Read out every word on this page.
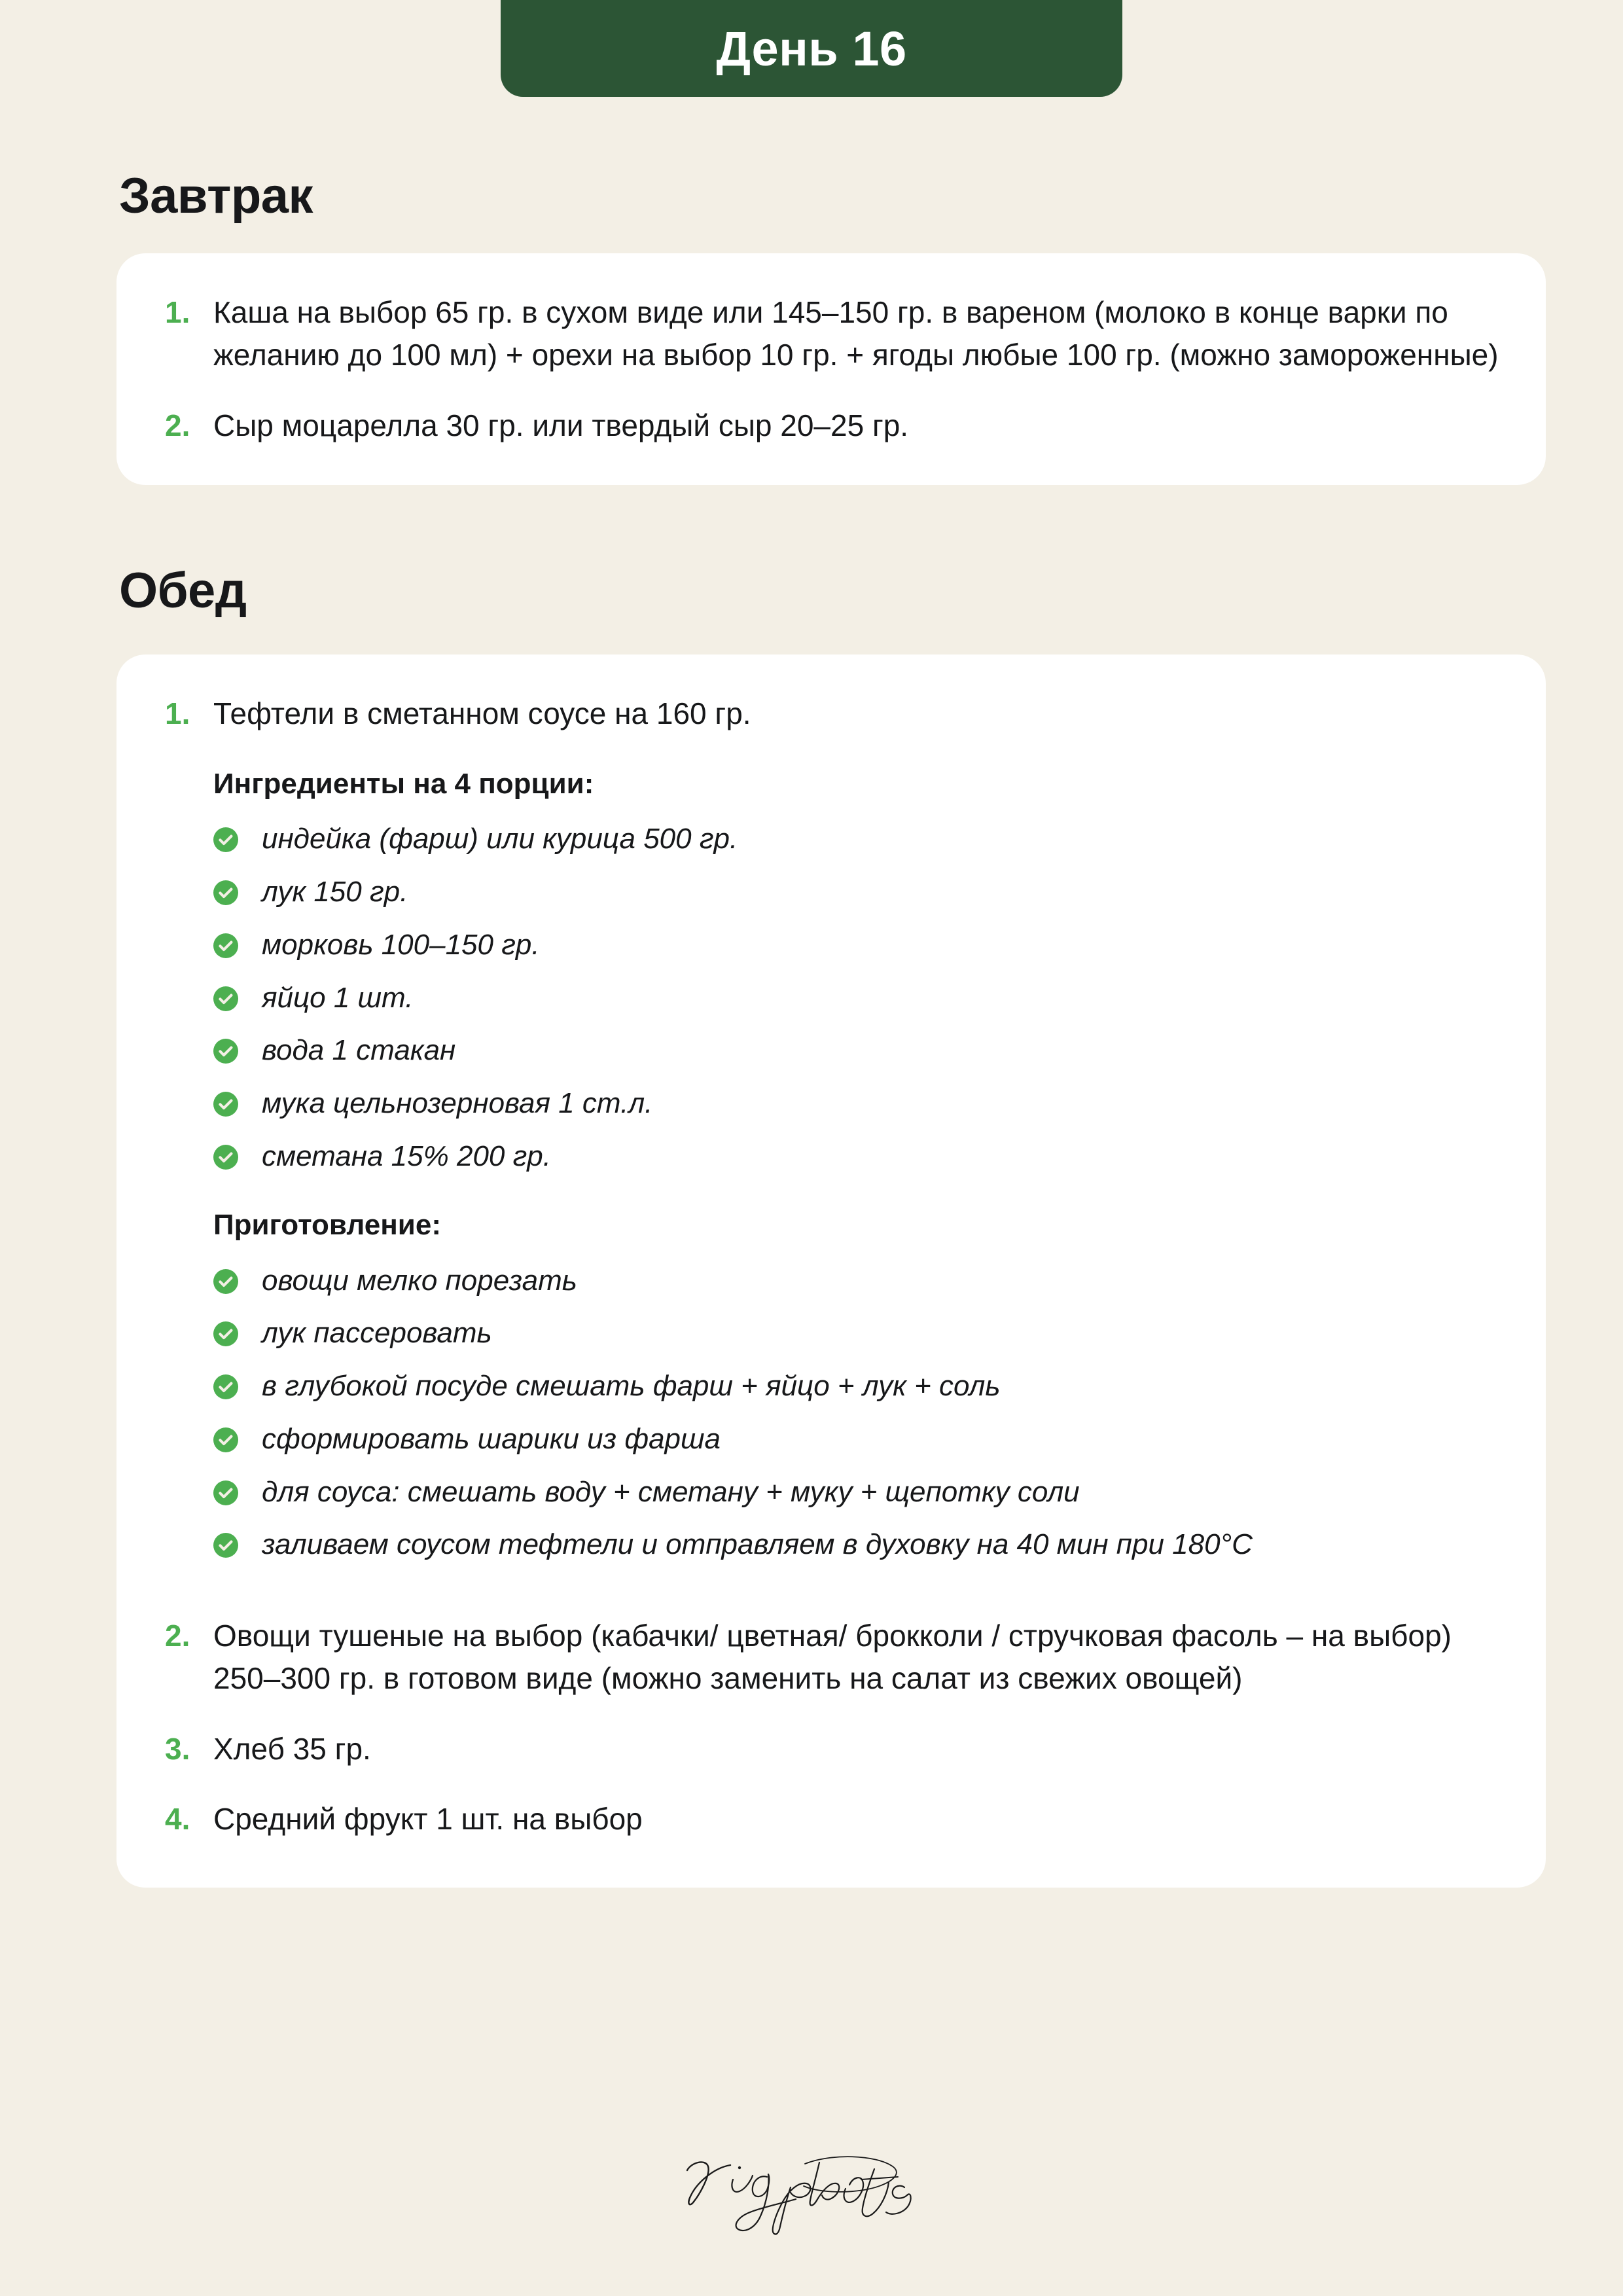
День 16
Завтрак
1. Каша на выбор 65 гр. в сухом виде или 145–150 гр. в вареном (молоко в конце варки по желанию до 100 мл) + орехи на выбор 10 гр. + ягоды любые 100 гр. (можно замороженные)
2. Сыр моцарелла 30 гр. или твердый сыр 20–25 гр.
Обед
1. Тефтели в сметанном соусе на 160 гр.
Ингредиенты на 4 порции:
индейка (фарш) или курица 500 гр.
лук 150 гр.
морковь 100–150 гр.
яйцо 1 шт.
вода 1 стакан
мука цельнозерновая 1 ст.л.
сметана 15% 200 гр.
Приготовление:
овощи мелко порезать
лук пассеровать
в глубокой посуде смешать фарш + яйцо + лук + соль
сформировать шарики из фарша
для соуса: смешать воду + сметану + муку + щепотку соли
заливаем соусом тефтели и отправляем в духовку на 40 мин при 180°C
2. Овощи тушеные на выбор (кабачки/ цветная/ брокколи / стручковая фасоль – на выбор) 250–300 гр. в готовом виде (можно заменить на салат из свежих овощей)
3. Хлеб 35 гр.
4. Средний фрукт 1 шт. на выбор
